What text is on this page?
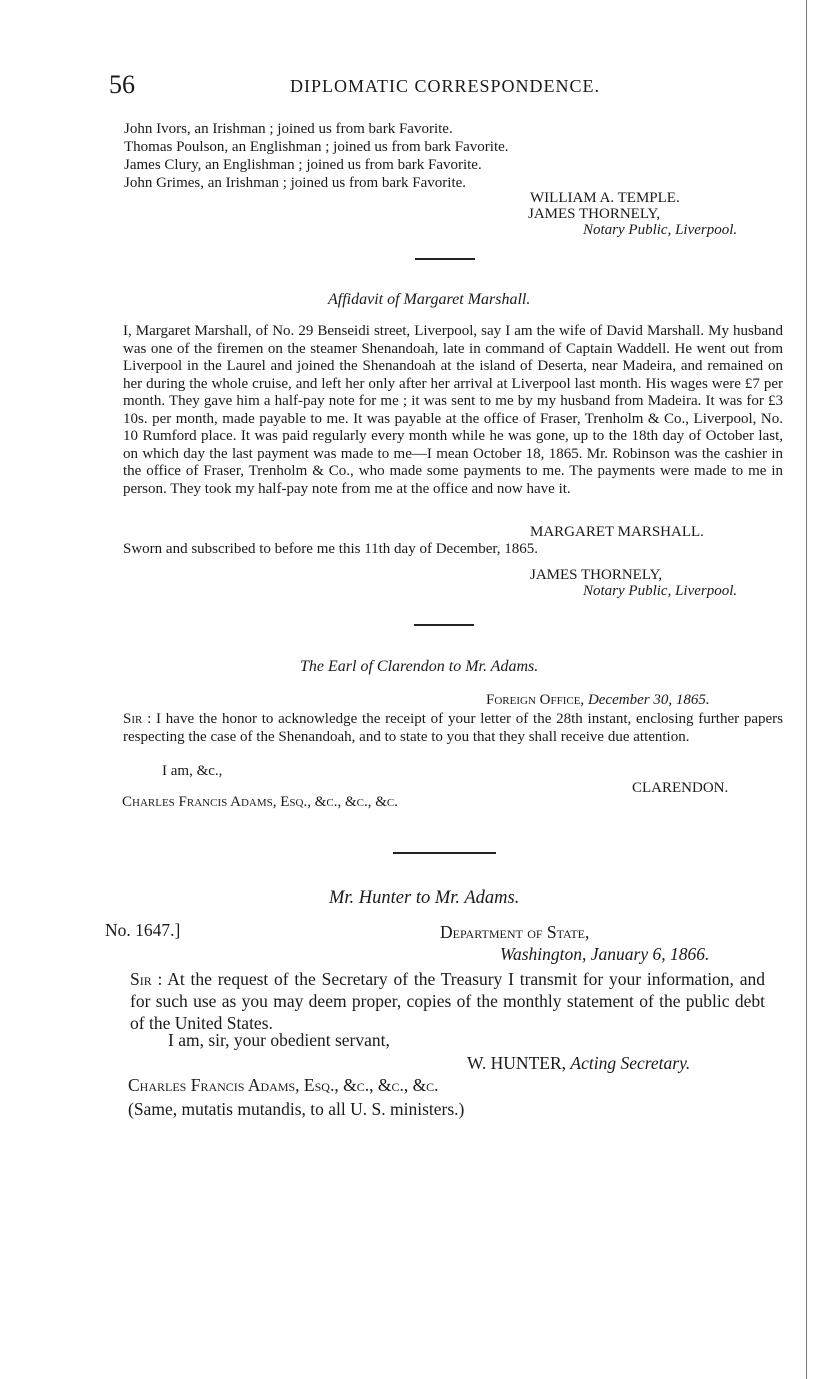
56	DIPLOMATIC CORRESPONDENCE.
John Ivors, an Irishman ; joined us from bark Favorite.
Thomas Poulson, an Englishman ; joined us from bark Favorite.
James Clury, an Englishman ; joined us from bark Favorite.
John Grimes, an Irishman ; joined us from bark Favorite.
WILLIAM A. TEMPLE.
JAMES THORNELY,
Notary Public, Liverpool.
Affidavit of Margaret Marshall.
I, Margaret Marshall, of No. 29 Benseidi street, Liverpool, say I am the wife of David Marshall. My husband was one of the firemen on the steamer Shenandoah, late in command of Captain Waddell. He went out from Liverpool in the Laurel and joined the Shenandoah at the island of Deserta, near Madeira, and remained on her during the whole cruise, and left her only after her arrival at Liverpool last month. His wages were £7 per month. They gave him a half-pay note for me ; it was sent to me by my husband from Madeira. It was for £3 10s. per month, made payable to me. It was payable at the office of Fraser, Trenholm & Co., Liverpool, No. 10 Rumford place. It was paid regularly every month while he was gone, up to the 18th day of October last, on which day the last payment was made to me—I mean October 18, 1865. Mr. Robinson was the cashier in the office of Fraser, Trenholm & Co., who made some payments to me. The payments were made to me in person. They took my half-pay note from me at the office and now have it.
MARGARET MARSHALL.
Sworn and subscribed to before me this 11th day of December, 1865.
JAMES THORNELY,
Notary Public, Liverpool.
The Earl of Clarendon to Mr. Adams.
Foreign Office, December 30, 1865.
Sir : I have the honor to acknowledge the receipt of your letter of the 28th instant, enclosing further papers respecting the case of the Shenandoah, and to state to you that they shall receive due attention.
I am, &c.,
CLARENDON.
Charles Francis Adams, Esq., &c., &c., &c.
Mr. Hunter to Mr. Adams.
No. 1647.]	Department of State,
Washington, January 6, 1866.
Sir : At the request of the Secretary of the Treasury I transmit for your information, and for such use as you may deem proper, copies of the monthly statement of the public debt of the United States.
I am, sir, your obedient servant,
W. HUNTER, Acting Secretary.
Charles Francis Adams, Esq., &c., &c., &c.
(Same, mutatis mutandis, to all U. S. ministers.)
